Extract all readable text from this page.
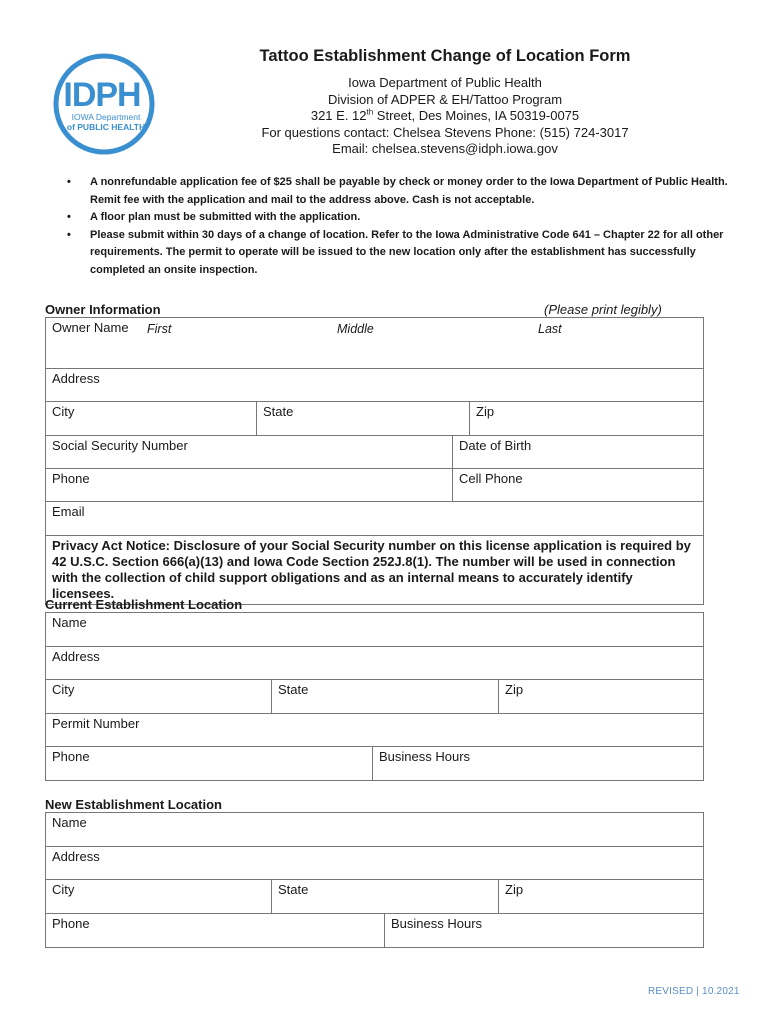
IDPH
IOWA Department
of PUBLIC HEALTH
Tattoo Establishment Change of Location Form
Iowa Department of Public Health
Division of ADPER & EH/Tattoo Program
321 E. 12th Street, Des Moines, IA 50319-0075
For questions contact: Chelsea Stevens Phone: (515) 724-3017
Email: chelsea.stevens@idph.iowa.gov
• A nonrefundable application fee of $25 shall be payable by check or money order to the Iowa Department of Public Health. Remit fee with the application and mail to the address above. Cash is not acceptable.
• A floor plan must be submitted with the application.
• Please submit within 30 days of a change of location. Refer to the Iowa Administrative Code 641 – Chapter 22 for all other requirements. The permit to operate will be issued to the new location only after the establishment has successfully completed an onsite inspection.
Owner Information	(Please print legibly)
Owner Name First Middle Last			

Address			
City	State		Zip
Social Security Number		Date of Birth	
Phone		Cell Phone	
Email			
Privacy Act Notice: Disclosure of your Social Security number on this license application is required by 42 U.S.C. Section 666(a)(13) and Iowa Code Section 252J.8(1). The number will be used in connection with the collection of child support obligations and as an internal means to accurately identify licensees.			
Current Establishment Location
Name			
Address			
City	State		Zip
Permit Number			
Phone		Business Hours	
New Establishment Location
Name			
Address			
City	State		Zip
Phone		Business Hours	
REVISED | 10.2021
